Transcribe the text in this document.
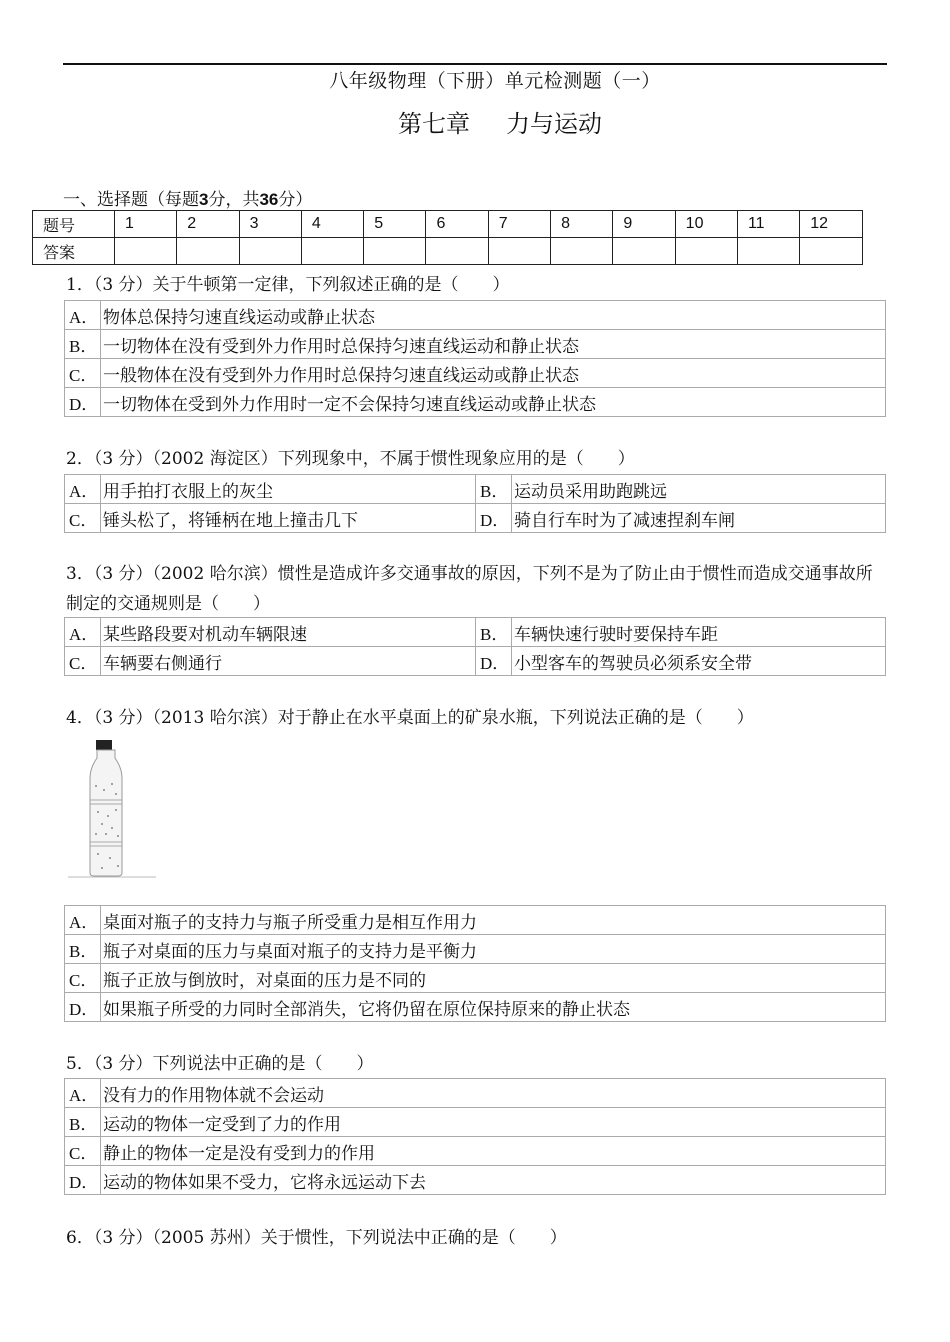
八年级物理（下册）单元检测题（一）
第七章 力与运动
一、选择题（每题3分，共36分）
题号	1	2	3	4	5	6	7	8	9	10	11	12
答案												
1．（3 分）关于牛顿第一定律，下列叙述正确的是（　　）
A．	物体总保持匀速直线运动或静止状态
B．	一切物体在没有受到外力作用时总保持匀速直线运动和静止状态
C．	一般物体在没有受到外力作用时总保持匀速直线运动或静止状态
D．	一切物体在受到外力作用时一定不会保持匀速直线运动或静止状态
2．（3 分）（2002 海淀区）下列现象中，不属于惯性现象应用的是（　　）
A．	用手拍打衣服上的灰尘	B．	运动员采用助跑跳远
C．	锤头松了，将锤柄在地上撞击几下	D．	骑自行车时为了减速捏刹车闸
3．（3 分）（2002 哈尔滨）惯性是造成许多交通事故的原因，下列不是为了防止由于惯性而造成交通事故所制定的交通规则是（　　）
A．	某些路段要对机动车辆限速	B．	车辆快速行驶时要保持车距
C．	车辆要右侧通行	D．	小型客车的驾驶员必须系安全带
4．（3 分）（2013 哈尔滨）对于静止在水平桌面上的矿泉水瓶，下列说法正确的是（　　）
A．	桌面对瓶子的支持力与瓶子所受重力是相互作用力
B．	瓶子对桌面的压力与桌面对瓶子的支持力是平衡力
C．	瓶子正放与倒放时，对桌面的压力是不同的
D．	如果瓶子所受的力同时全部消失，它将仍留在原位保持原来的静止状态
5．（3 分）下列说法中正确的是（　　）
A．	没有力的作用物体就不会运动
B．	运动的物体一定受到了力的作用
C．	静止的物体一定是没有受到力的作用
D．	运动的物体如果不受力，它将永远运动下去
6．（3 分）（2005 苏州）关于惯性，下列说法中正确的是（　　）
